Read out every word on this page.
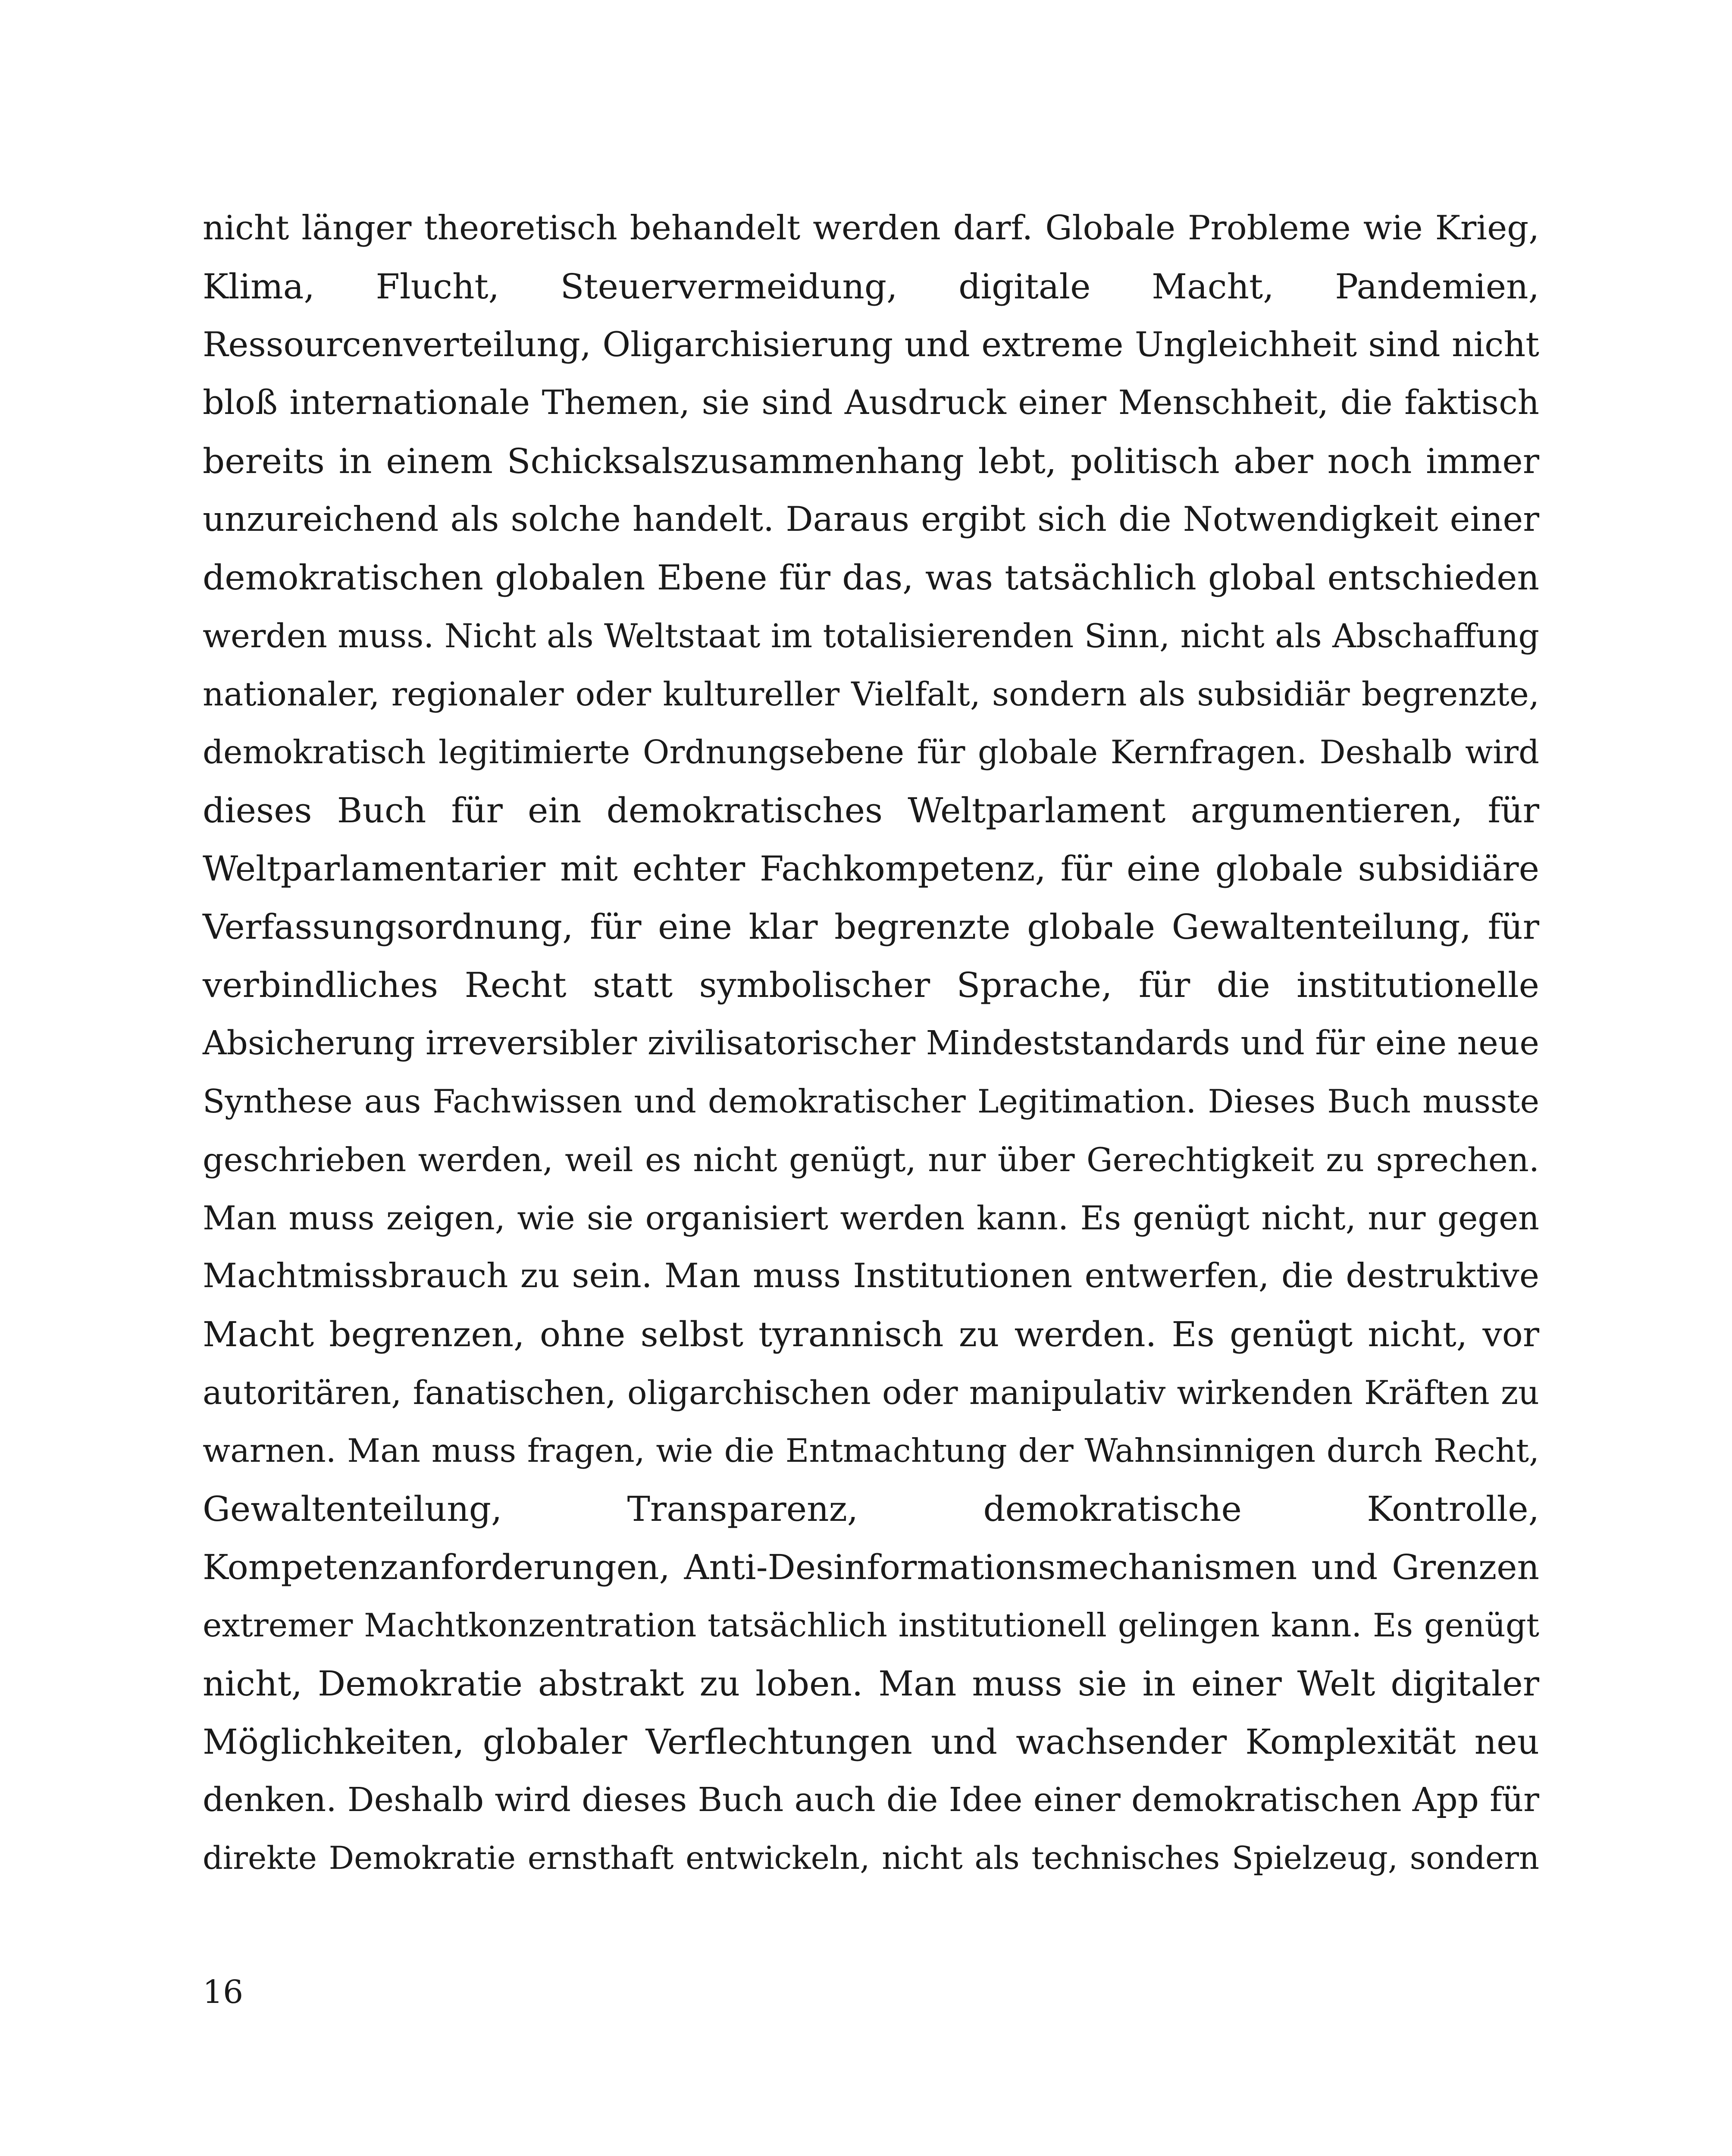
nicht länger theoretisch behandelt werden darf. Globale Probleme wie Krieg,
Klima, Flucht, Steuervermeidung, digitale Macht, Pandemien,
Ressourcenverteilung, Oligarchisierung und extreme Ungleichheit sind nicht
bloß internationale Themen, sie sind Ausdruck einer Menschheit, die faktisch
bereits in einem Schicksalszusammenhang lebt, politisch aber noch immer
unzureichend als solche handelt. Daraus ergibt sich die Notwendigkeit einer
demokratischen globalen Ebene für das, was tatsächlich global entschieden
werden muss. Nicht als Weltstaat im totalisierenden Sinn, nicht als Abschaffung
nationaler, regionaler oder kultureller Vielfalt, sondern als subsidiär begrenzte,
demokratisch legitimierte Ordnungsebene für globale Kernfragen. Deshalb wird
dieses Buch für ein demokratisches Weltparlament argumentieren, für
Weltparlamentarier mit echter Fachkompetenz, für eine globale subsidiäre
Verfassungsordnung, für eine klar begrenzte globale Gewaltenteilung, für
verbindliches Recht statt symbolischer Sprache, für die institutionelle
Absicherung irreversibler zivilisatorischer Mindeststandards und für eine neue
Synthese aus Fachwissen und demokratischer Legitimation. Dieses Buch musste
geschrieben werden, weil es nicht genügt, nur über Gerechtigkeit zu sprechen.
Man muss zeigen, wie sie organisiert werden kann. Es genügt nicht, nur gegen
Machtmissbrauch zu sein. Man muss Institutionen entwerfen, die destruktive
Macht begrenzen, ohne selbst tyrannisch zu werden. Es genügt nicht, vor
autoritären, fanatischen, oligarchischen oder manipulativ wirkenden Kräften zu
warnen. Man muss fragen, wie die Entmachtung der Wahnsinnigen durch Recht,
Gewaltenteilung, Transparenz, demokratische Kontrolle,
Kompetenzanforderungen, Anti-Desinformationsmechanismen und Grenzen
extremer Machtkonzentration tatsächlich institutionell gelingen kann. Es genügt
nicht, Demokratie abstrakt zu loben. Man muss sie in einer Welt digitaler
Möglichkeiten, globaler Verflechtungen und wachsender Komplexität neu
denken. Deshalb wird dieses Buch auch die Idee einer demokratischen App für
direkte Demokratie ernsthaft entwickeln, nicht als technisches Spielzeug, sondern
16
